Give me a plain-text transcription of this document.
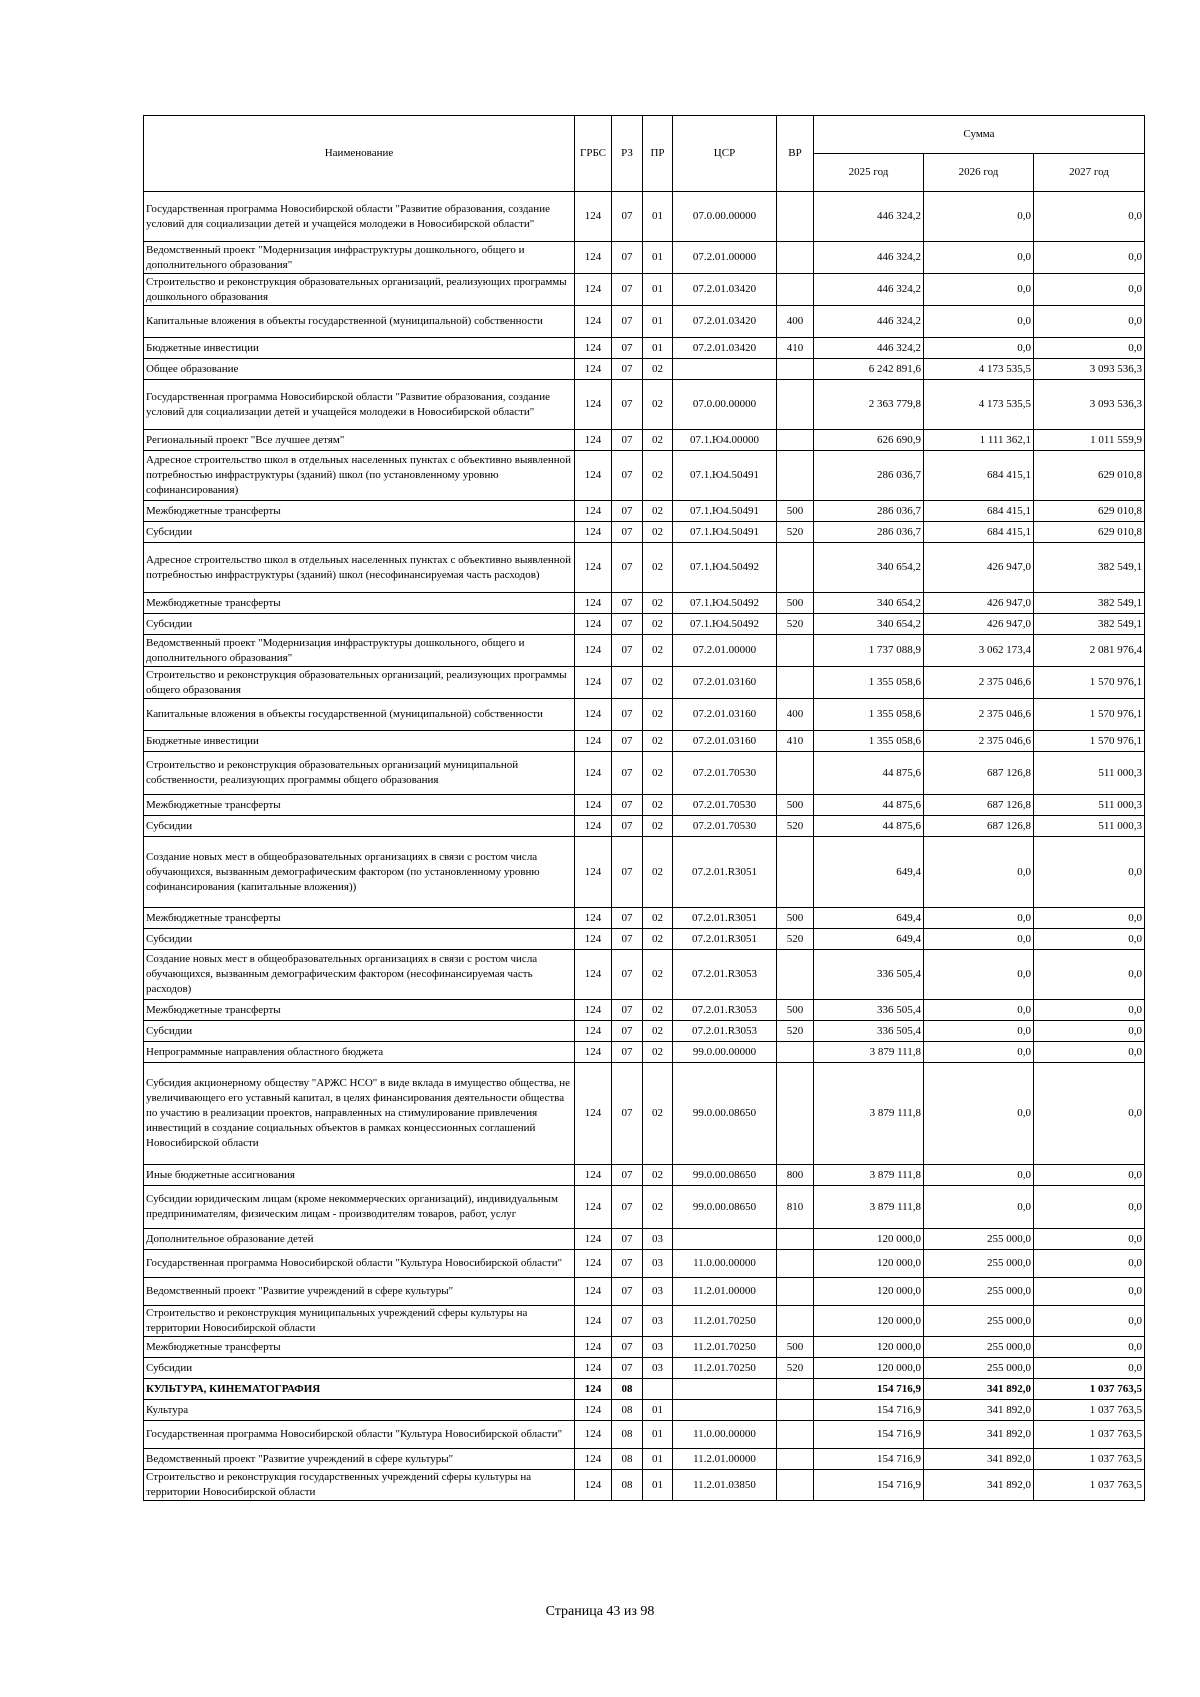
Наименование	ГРБС	РЗ	ПР	ЦСР	ВР	Сумма		
						2025 год	2026 год	2027 год
Государственная программа Новосибирской области "Развитие образования, создание условий для социализации детей и учащейся молодежи в Новосибирской области"	124	07	01	07.0.00.00000		446 324,2	0,0	0,0
Ведомственный проект "Модернизация инфраструктуры дошкольного, общего и дополнительного образования"	124	07	01	07.2.01.00000		446 324,2	0,0	0,0
Строительство и реконструкция образовательных организаций, реализующих программы дошкольного образования	124	07	01	07.2.01.03420		446 324,2	0,0	0,0
Капитальные вложения в объекты государственной (муниципальной) собственности	124	07	01	07.2.01.03420	400	446 324,2	0,0	0,0
Бюджетные инвестиции	124	07	01	07.2.01.03420	410	446 324,2	0,0	0,0
Общее образование	124	07	02			6 242 891,6	4 173 535,5	3 093 536,3
Государственная программа Новосибирской области "Развитие образования, создание условий для социализации детей и учащейся молодежи в Новосибирской области"	124	07	02	07.0.00.00000		2 363 779,8	4 173 535,5	3 093 536,3
Региональный проект "Все лучшее детям"	124	07	02	07.1.Ю4.00000		626 690,9	1 111 362,1	1 011 559,9
Адресное строительство школ в отдельных населенных пунктах с объективно выявленной потребностью инфраструктуры (зданий) школ (по установленному уровню софинансирования)	124	07	02	07.1.Ю4.50491		286 036,7	684 415,1	629 010,8
Межбюджетные трансферты	124	07	02	07.1.Ю4.50491	500	286 036,7	684 415,1	629 010,8
Субсидии	124	07	02	07.1.Ю4.50491	520	286 036,7	684 415,1	629 010,8
Адресное строительство школ в отдельных населенных пунктах с объективно выявленной потребностью инфраструктуры (зданий) школ (несофинансируемая часть расходов)	124	07	02	07.1.Ю4.50492		340 654,2	426 947,0	382 549,1
Межбюджетные трансферты	124	07	02	07.1.Ю4.50492	500	340 654,2	426 947,0	382 549,1
Субсидии	124	07	02	07.1.Ю4.50492	520	340 654,2	426 947,0	382 549,1
Ведомственный проект "Модернизация инфраструктуры дошкольного, общего и дополнительного образования"	124	07	02	07.2.01.00000		1 737 088,9	3 062 173,4	2 081 976,4
Строительство и реконструкция образовательных организаций, реализующих программы общего образования	124	07	02	07.2.01.03160		1 355 058,6	2 375 046,6	1 570 976,1
Капитальные вложения в объекты государственной (муниципальной) собственности	124	07	02	07.2.01.03160	400	1 355 058,6	2 375 046,6	1 570 976,1
Бюджетные инвестиции	124	07	02	07.2.01.03160	410	1 355 058,6	2 375 046,6	1 570 976,1
Строительство и реконструкция образовательных организаций муниципальной собственности, реализующих программы общего образования	124	07	02	07.2.01.70530		44 875,6	687 126,8	511 000,3
Межбюджетные трансферты	124	07	02	07.2.01.70530	500	44 875,6	687 126,8	511 000,3
Субсидии	124	07	02	07.2.01.70530	520	44 875,6	687 126,8	511 000,3
Создание новых мест в общеобразовательных организациях в связи с ростом числа обучающихся, вызванным демографическим фактором (по установленному уровню софинансирования (капитальные вложения))	124	07	02	07.2.01.R3051		649,4	0,0	0,0
Межбюджетные трансферты	124	07	02	07.2.01.R3051	500	649,4	0,0	0,0
Субсидии	124	07	02	07.2.01.R3051	520	649,4	0,0	0,0
Создание новых мест в общеобразовательных организациях в связи с ростом числа обучающихся, вызванным демографическим фактором (несофинансируемая часть расходов)	124	07	02	07.2.01.R3053		336 505,4	0,0	0,0
Межбюджетные трансферты	124	07	02	07.2.01.R3053	500	336 505,4	0,0	0,0
Субсидии	124	07	02	07.2.01.R3053	520	336 505,4	0,0	0,0
Непрограммные направления областного бюджета	124	07	02	99.0.00.00000		3 879 111,8	0,0	0,0
Субсидия акционерному обществу "АРЖС НСО" в виде вклада в имущество общества, не увеличивающего его уставный капитал, в целях финансирования деятельности общества по участию в реализации проектов, направленных на стимулирование привлечения инвестиций в создание социальных объектов в рамках концессионных соглашений Новосибирской области	124	07	02	99.0.00.08650		3 879 111,8	0,0	0,0
Иные бюджетные ассигнования	124	07	02	99.0.00.08650	800	3 879 111,8	0,0	0,0
Субсидии юридическим лицам (кроме некоммерческих организаций), индивидуальным предпринимателям, физическим лицам - производителям товаров, работ, услуг	124	07	02	99.0.00.08650	810	3 879 111,8	0,0	0,0
Дополнительное образование детей	124	07	03			120 000,0	255 000,0	0,0
Государственная программа Новосибирской области "Культура Новосибирской области"	124	07	03	11.0.00.00000		120 000,0	255 000,0	0,0
Ведомственный проект "Развитие учреждений в сфере культуры"	124	07	03	11.2.01.00000		120 000,0	255 000,0	0,0
Строительство и реконструкция муниципальных учреждений сферы культуры на территории Новосибирской области	124	07	03	11.2.01.70250		120 000,0	255 000,0	0,0
Межбюджетные трансферты	124	07	03	11.2.01.70250	500	120 000,0	255 000,0	0,0
Субсидии	124	07	03	11.2.01.70250	520	120 000,0	255 000,0	0,0
КУЛЬТУРА, КИНЕМАТОГРАФИЯ	124	08				154 716,9	341 892,0	1 037 763,5
Культура	124	08	01			154 716,9	341 892,0	1 037 763,5
Государственная программа Новосибирской области "Культура Новосибирской области"	124	08	01	11.0.00.00000		154 716,9	341 892,0	1 037 763,5
Ведомственный проект "Развитие учреждений в сфере культуры"	124	08	01	11.2.01.00000		154 716,9	341 892,0	1 037 763,5
Строительство и реконструкция государственных учреждений сферы культуры на территории Новосибирской области	124	08	01	11.2.01.03850		154 716,9	341 892,0	1 037 763,5
Страница 43 из 98
